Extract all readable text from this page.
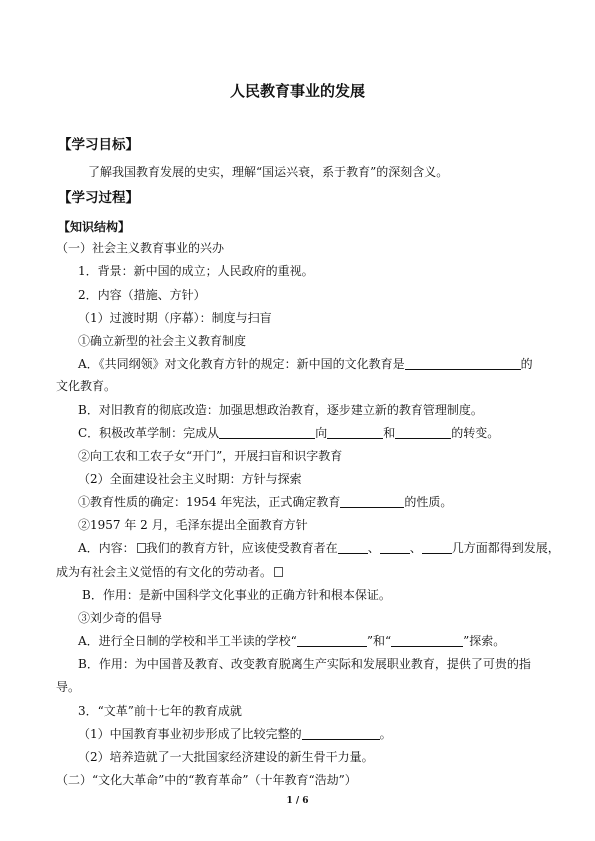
人民教育事业的发展
【学习目标】
了解我国教育发展的史实，理解“国运兴衰，系于教育”的深刻含义。
【学习过程】
【知识结构】
（一）社会主义教育事业的兴办
1．背景：新中国的成立；人民政府的重视。
2．内容（措施、方针）
（1）过渡时期（序幕）：制度与扫盲
①确立新型的社会主义教育制度
A．《共同纲领》对文化教育方针的规定：新中国的文化教育是	的
文化教育。
B．对旧教育的彻底改造：加强思想政治教育，逐步建立新的教育管理制度。
C．积极改革学制：完成从	向	和	的转变。
②向工农和工农子女“开门”，开展扫盲和识字教育
（2）全面建设社会主义时期：方针与探索
①教育性质的确定：1954 年宪法，正式确定教育	的性质。
②1957 年 2 月，毛泽东提出全面教育方针
A．内容： 我们的教育方针，应该使受教育者在	、	、	几方面都得到发展，
成为有社会主义觉悟的有文化的劳动者。
B．作用：是新中国科学文化事业的正确方针和根本保证。
③刘少奇的倡导
A．进行全日制的学校和半工半读的学校“	”和“	”探索。
B．作用：为中国普及教育、改变教育脱离生产实际和发展职业教育，提供了可贵的指
导。
3．“文革”前十七年的教育成就
（1）中国教育事业初步形成了比较完整的	。
（2）培养造就了一大批国家经济建设的新生骨干力量。
（二）“文化大革命”中的“教育革命”（十年教育“浩劫”）
1 / 6
